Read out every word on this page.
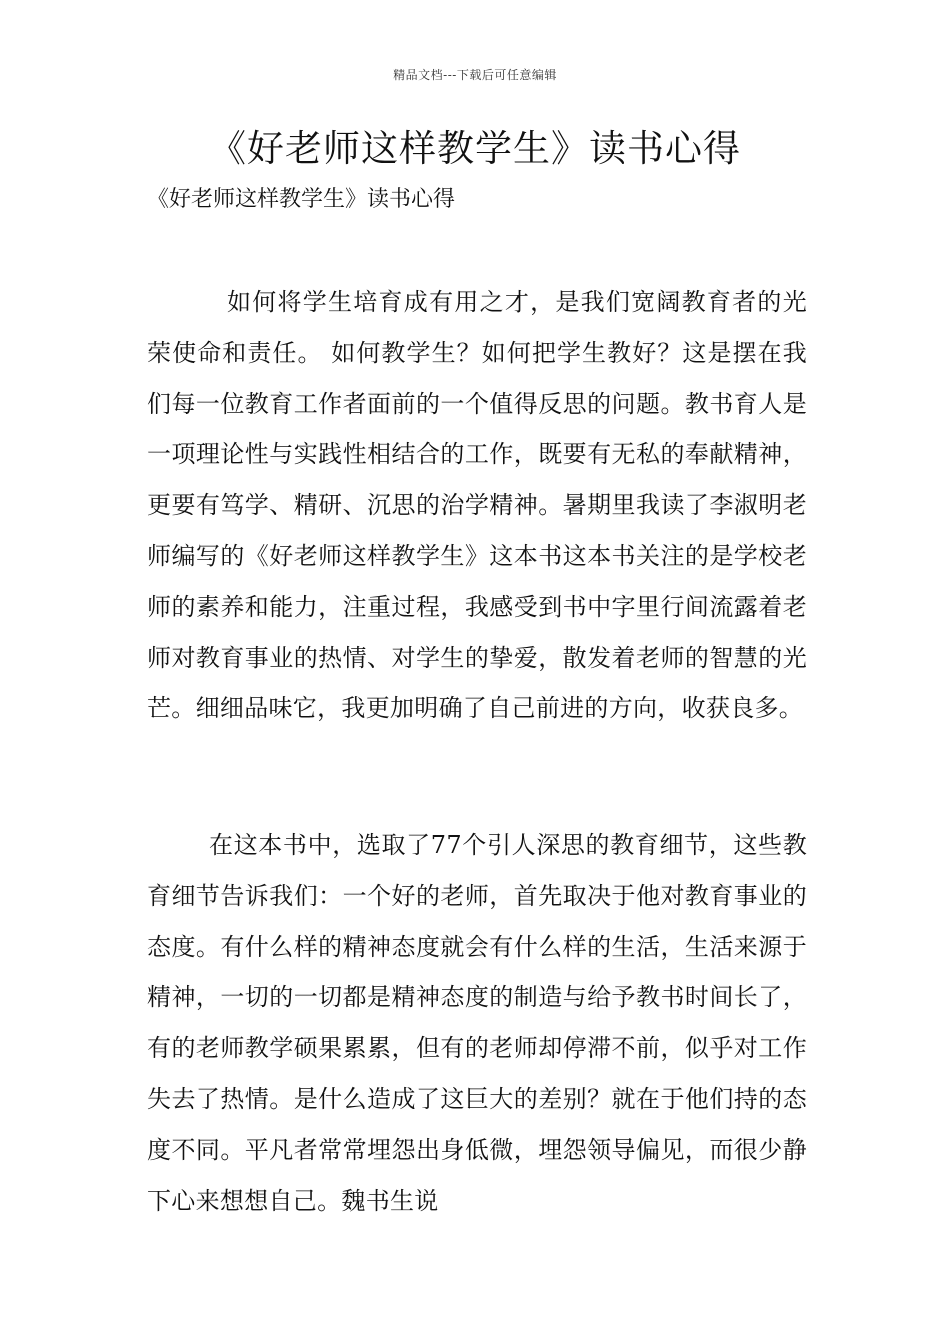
精品文档---下载后可任意编辑
《好老师这样教学生》读书心得

《好老师这样教学生》读书心得

如何将学生培育成有用之才，是我们宽阔教育者的光荣使命和责任。 如何教学生？如何把学生教好？这是摆在我们每一位教育工作者面前的一个值得反思的问题。教书育人是一项理论性与实践性相结合的工作，既要有无私的奉献精神，更要有笃学、精研、沉思的治学精神。暑期里我读了李淑明老师编写的《好老师这样教学生》这本书这本书关注的是学校老师的素养和能力，注重过程，我感受到书中字里行间流露着老师对教育事业的热情、对学生的挚爱，散发着老师的智慧的光芒。细细品味它，我更加明确了自己前进的方向，收获良多。

在这本书中，选取了77个引人深思的教育细节，这些教育细节告诉我们：一个好的老师，首先取决于他对教育事业的态度。有什么样的精神态度就会有什么样的生活，生活来源于精神，一切的一切都是精神态度的制造与给予教书时间长了，有的老师教学硕果累累，但有的老师却停滞不前，似乎对工作失去了热情。是什么造成了这巨大的差别？就在于他们持的态度不同。平凡者常常埋怨出身低微，埋怨领导偏见，而很少静下心来想想自己。魏书生说
